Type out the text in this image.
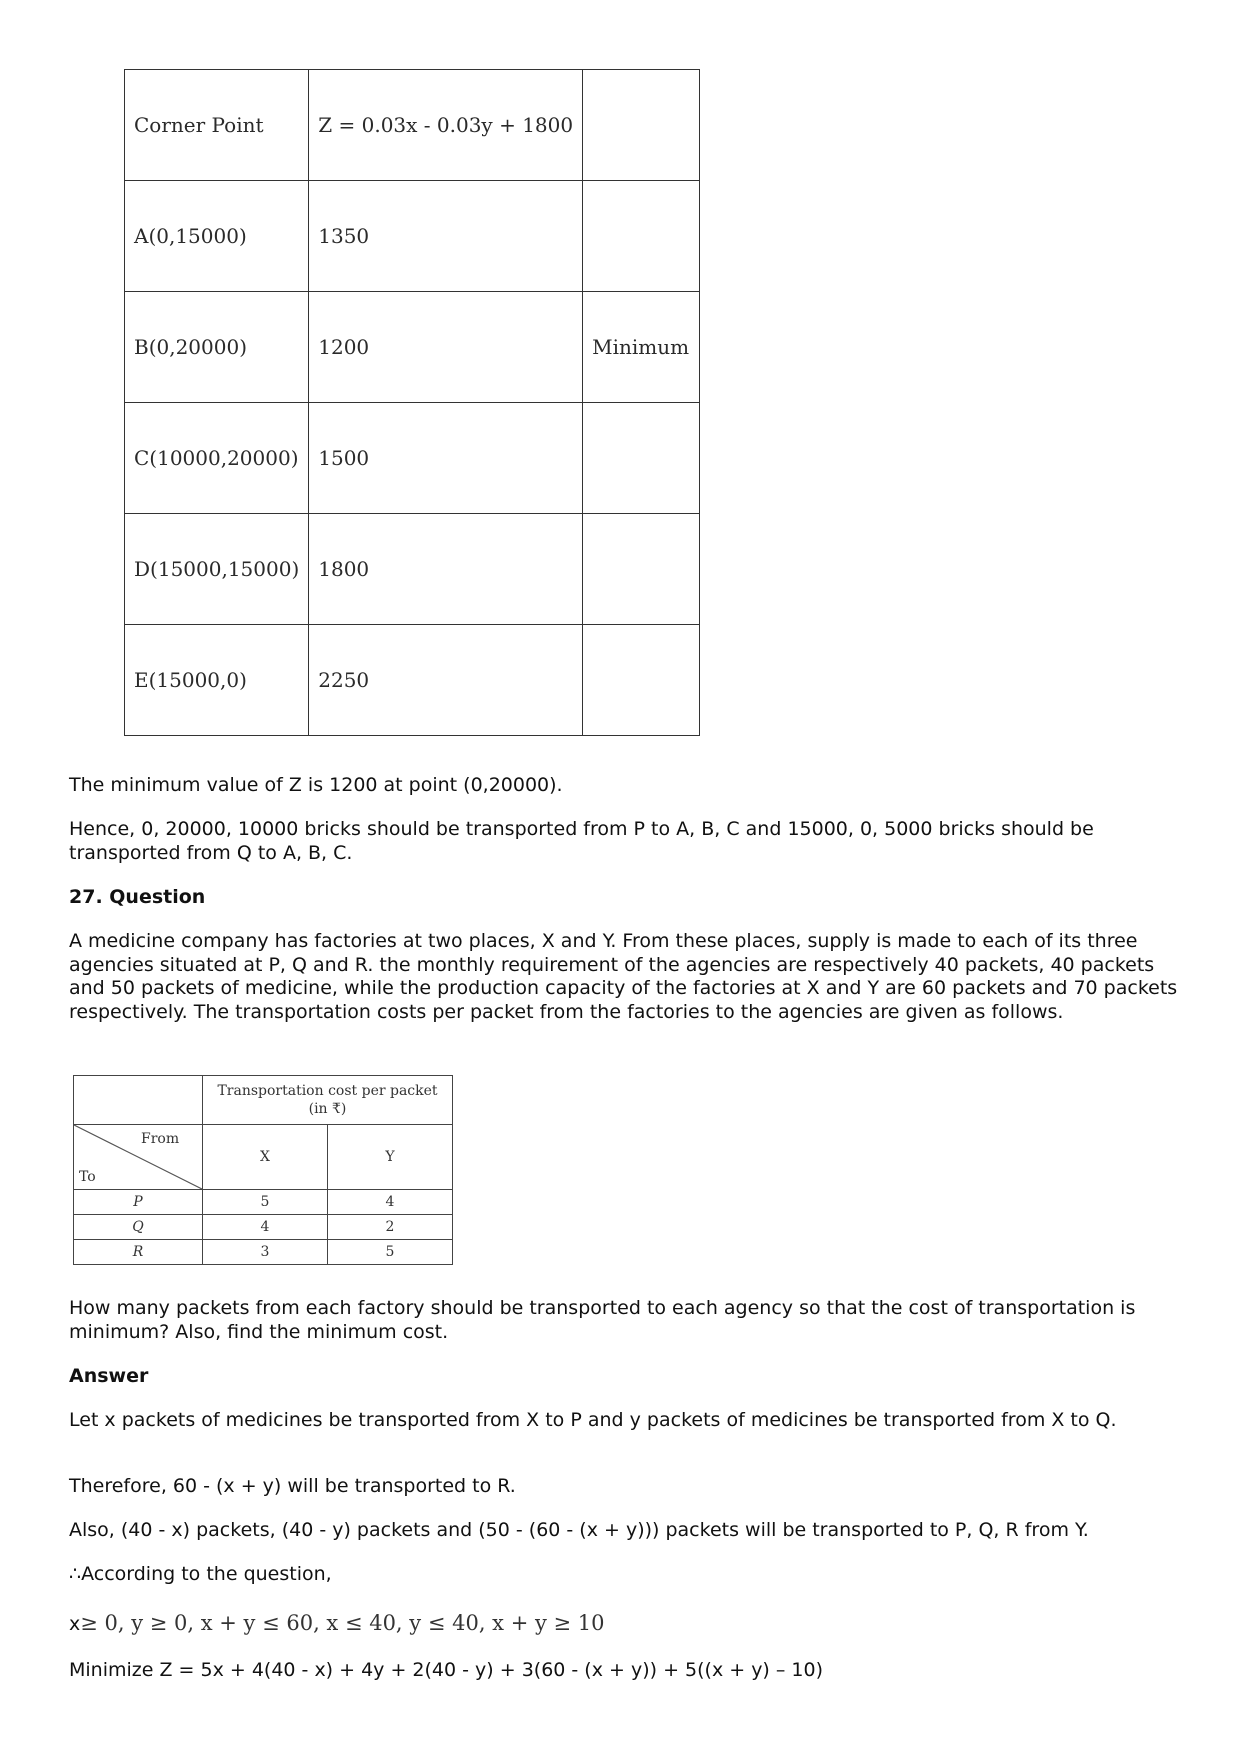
Corner Point	Z = 0.03x - 0.03y + 1800	
A(0,15000)	1350	
B(0,20000)	1200	Minimum
C(10000,20000)	1500	
D(15000,15000)	1800	
E(15000,0)	2250	

The minimum value of Z is 1200 at point (0,20000).

Hence, 0, 20000, 10000 bricks should be transported from P to A, B, C and 15000, 0, 5000 bricks should be transported from Q to A, B, C.

27. Question

A medicine company has factories at two places, X and Y. From these places, supply is made to each of its three agencies situated at P, Q and R. the monthly requirement of the agencies are respectively 40 packets, 40 packets and 50 packets of medicine, while the production capacity of the factories at X and Y are 60 packets and 70 packets respectively. The transportation costs per packet from the factories to the agencies are given as follows.

	Transportation cost per packet
(in ₹)	

From
To	X	Y
P	5	4
Q	4	2
R	3	5

How many packets from each factory should be transported to each agency so that the cost of transportation is minimum? Also, find the minimum cost.

Answer

Let x packets of medicines be transported from X to P and y packets of medicines be transported from X to Q.

Therefore, 60 - (x + y) will be transported to R.

Also, (40 - x) packets, (40 - y) packets and (50 - (60 - (x + y))) packets will be transported to P, Q, R from Y.

∴According to the question,

x≥ 0, y ≥ 0, x + y ≤ 60, x ≤ 40, y ≤ 40, x + y ≥ 10

Minimize Z = 5x + 4(40 - x) + 4y + 2(40 - y) + 3(60 - (x + y)) + 5((x + y) – 10)
